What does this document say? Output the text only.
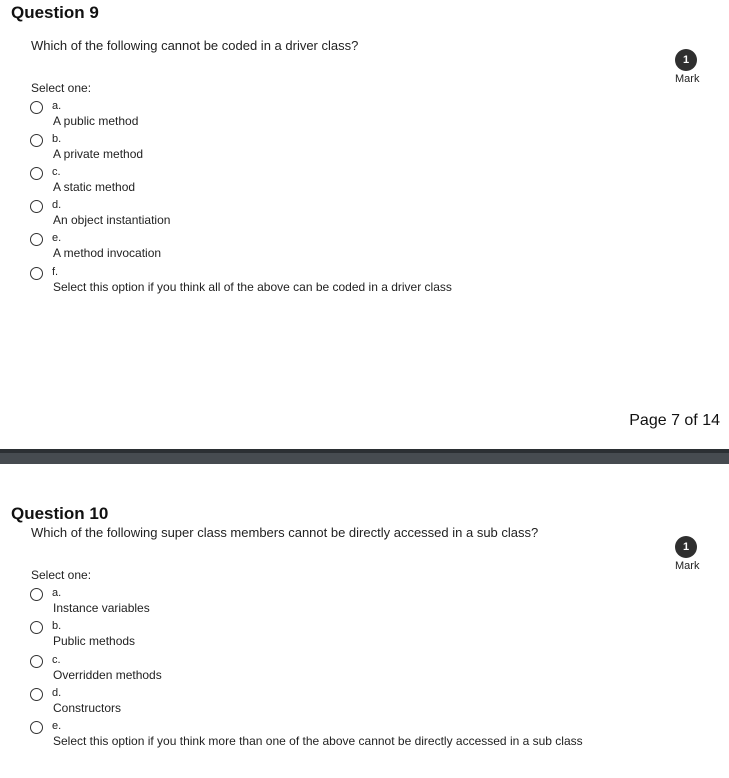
Question 9
Which of the following cannot be coded in a driver class?
1
Mark
Select one:
a.
A public method
b.
A private method
c.
A static method
d.
An object instantiation
e.
A method invocation
f.
Select this option if you think all of the above can be coded in a driver class
Page 7 of 14
Question 10
Which of the following super class members cannot be directly accessed in a sub class?
1
Mark
Select one:
a.
Instance variables
b.
Public methods
c.
Overridden methods
d.
Constructors
e.
Select this option if you think more than one of the above cannot be directly accessed in a sub class
